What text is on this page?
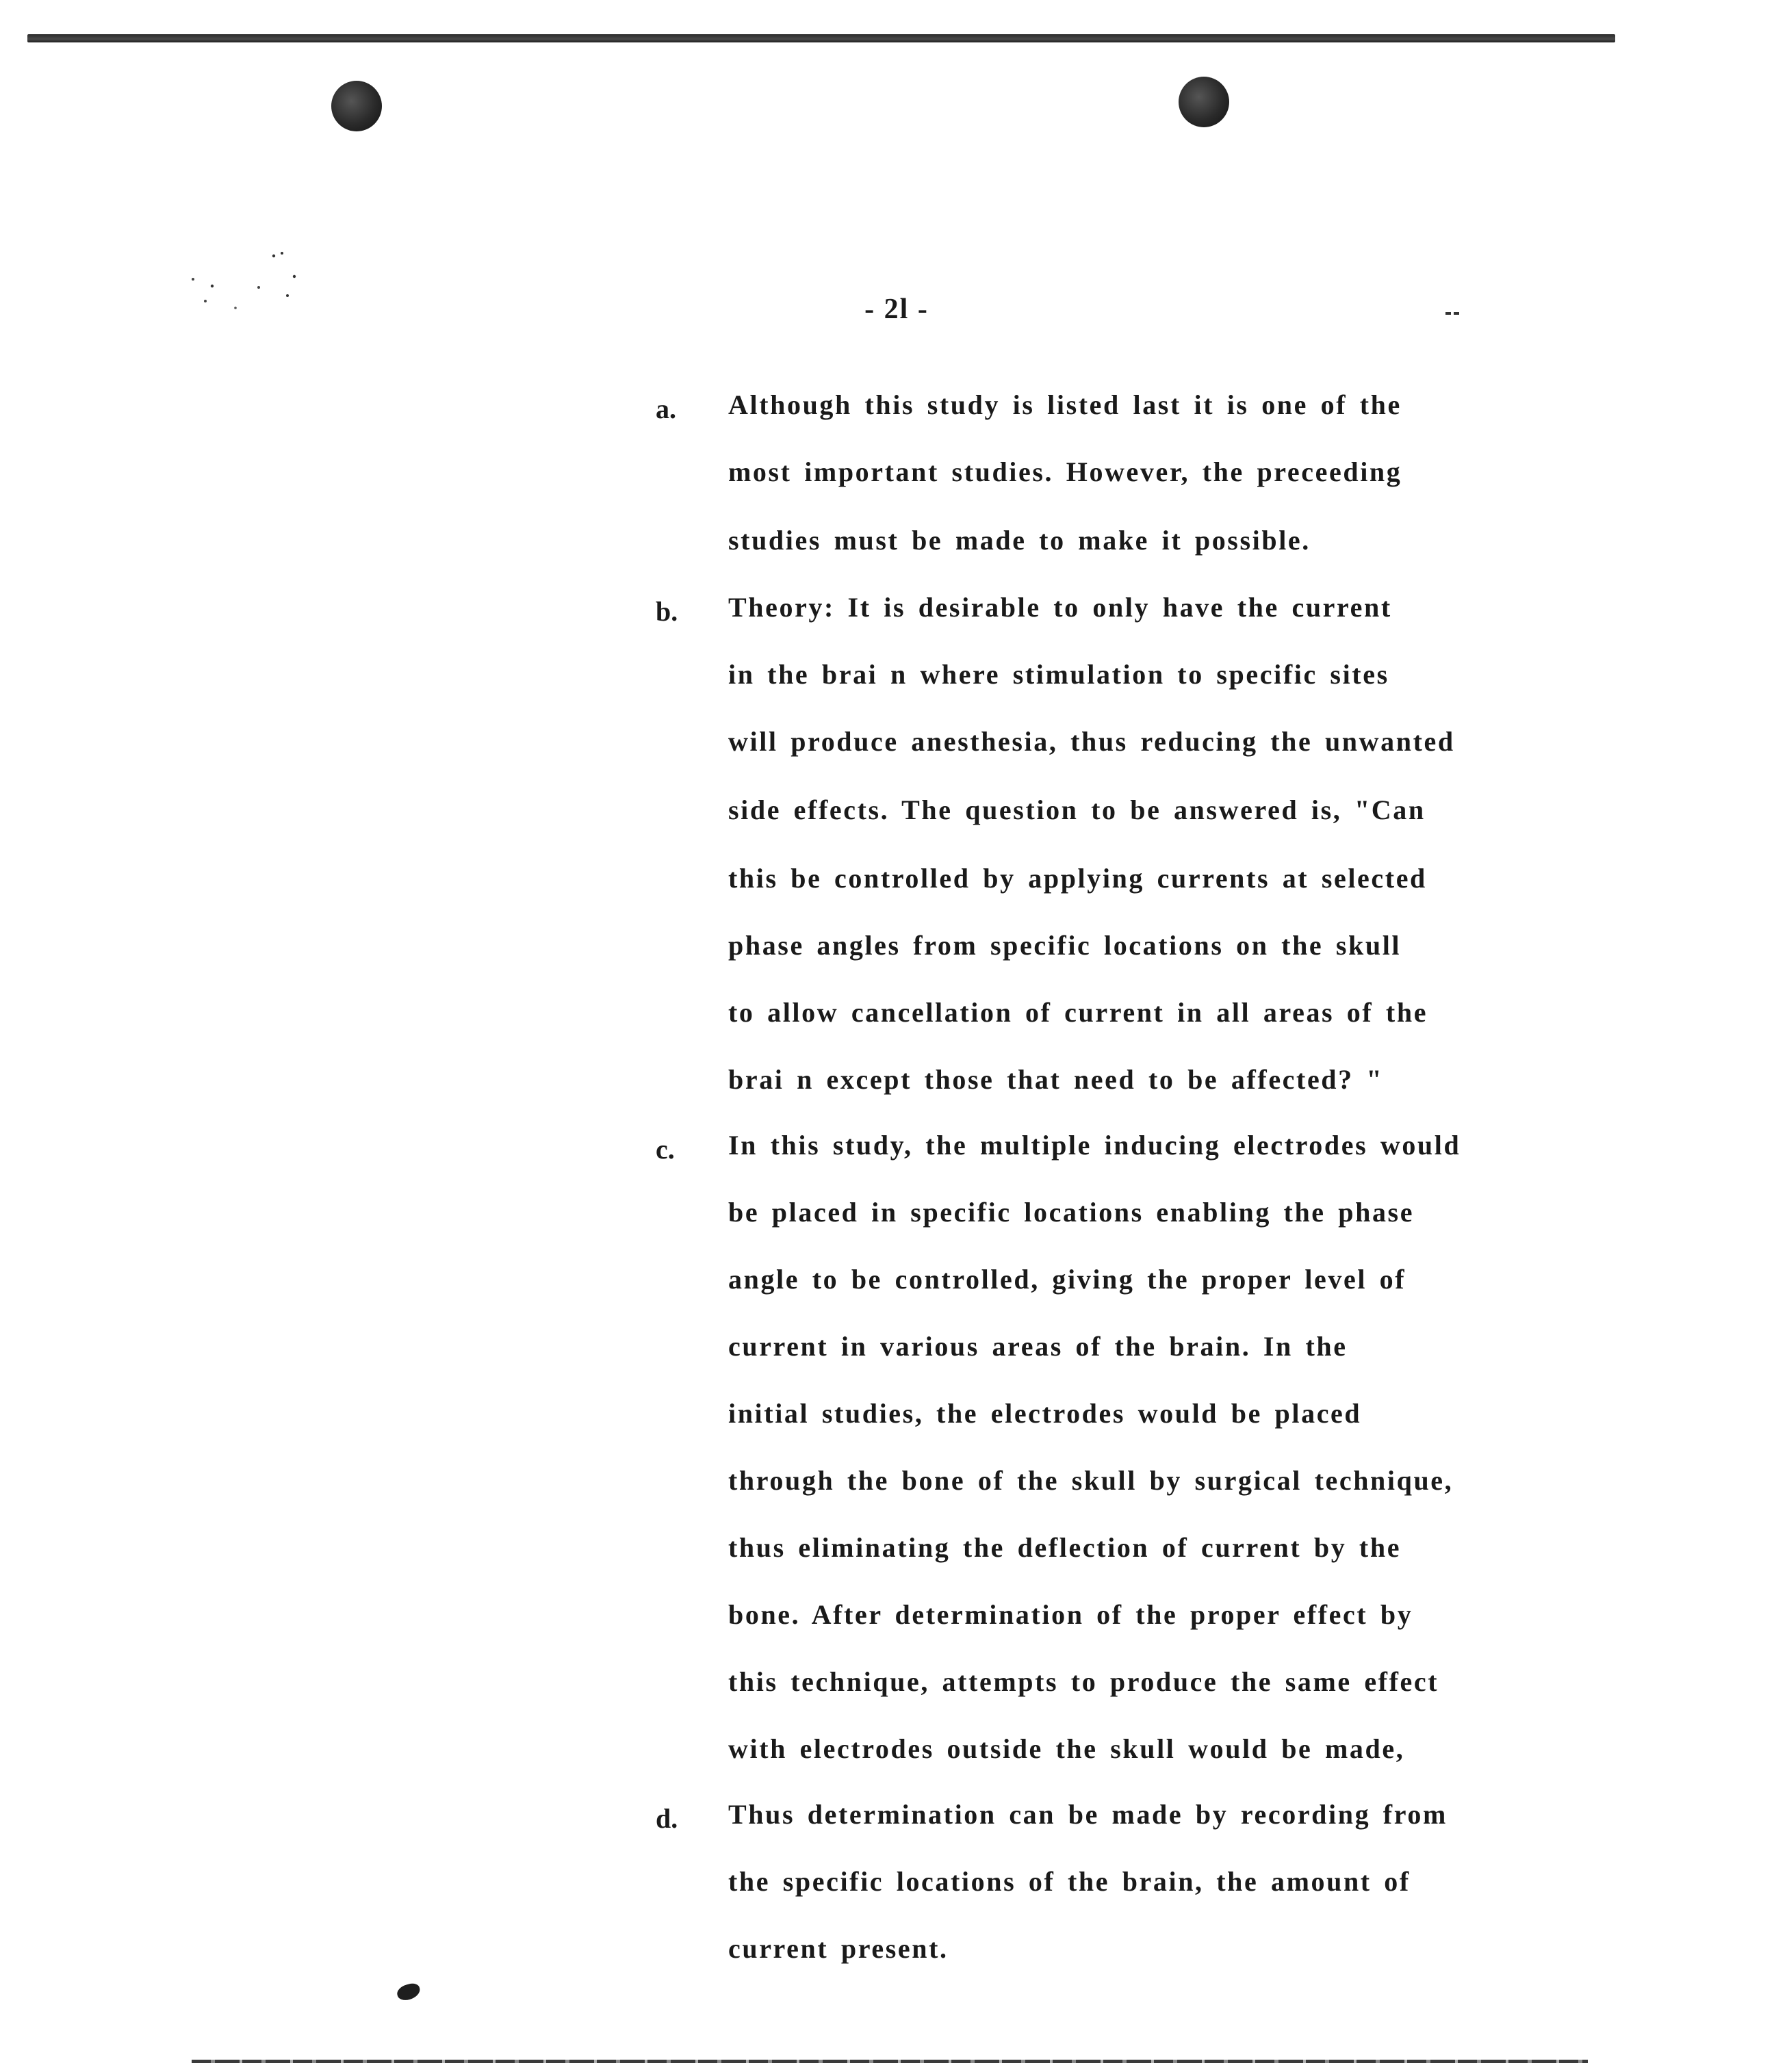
- 2l -
a. Although this study is listed last it is one of the
most important studies. However, the preceeding
studies must be made to make it possible.
b. Theory: It is desirable to only have the current
in the brai n where stimulation to specific sites
will produce anesthesia, thus reducing the unwanted
side effects. The question to be answered is, "Can
this be controlled by applying currents at selected
phase angles from specific locations on the skull
to allow cancellation of current in all areas of the
brai n except those that need to be affected? "
c. In this study, the multiple inducing electrodes would
be placed in specific locations enabling the phase
angle to be controlled, giving the proper level of
current in various areas of the brain. In the
initial studies, the electrodes would be placed
through the bone of the skull by surgical technique,
thus eliminating the deflection of current by the
bone. After determination of the proper effect by
this technique, attempts to produce the same effect
with electrodes outside the skull would be made,
d. Thus determination can be made by recording from
the specific locations of the brain, the amount of
current present.
